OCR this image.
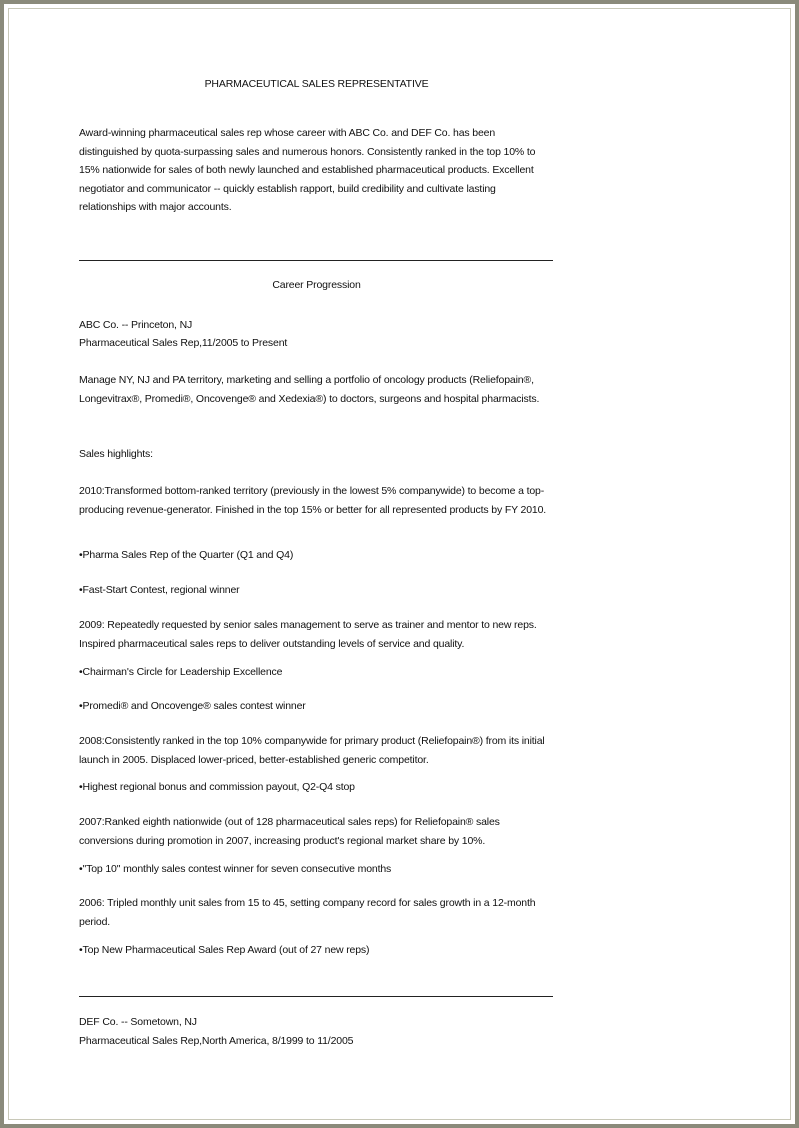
PHARMACEUTICAL SALES REPRESENTATIVE
Award-winning pharmaceutical sales rep whose career with ABC Co. and DEF Co. has been distinguished by quota-surpassing sales and numerous honors. Consistently ranked in the top 10% to 15% nationwide for sales of both newly launched and established pharmaceutical products. Excellent negotiator and communicator -- quickly establish rapport, build credibility and cultivate lasting relationships with major accounts.
Career Progression
ABC Co. -- Princeton, NJ
Pharmaceutical Sales Rep,11/2005 to Present
Manage NY, NJ and PA territory, marketing and selling a portfolio of oncology products (Reliefopain®, Longevitrax®, Promedi®, Oncovenge® and Xedexia®) to doctors, surgeons and hospital pharmacists.
Sales highlights:
2010:Transformed bottom-ranked territory (previously in the lowest 5% companywide) to become a top-producing revenue-generator. Finished in the top 15% or better for all represented products by FY 2010.
•Pharma Sales Rep of the Quarter (Q1 and Q4)
•Fast-Start Contest, regional winner
2009: Repeatedly requested by senior sales management to serve as trainer and mentor to new reps. Inspired pharmaceutical sales reps to deliver outstanding levels of service and quality.
•Chairman's Circle for Leadership Excellence
•Promedi® and Oncovenge® sales contest winner
2008:Consistently ranked in the top 10% companywide for primary product (Reliefopain®) from its initial launch in 2005. Displaced lower-priced, better-established generic competitor.
•Highest regional bonus and commission payout, Q2-Q4 stop
2007:Ranked eighth nationwide (out of 128 pharmaceutical sales reps) for Reliefopain® sales conversions during promotion in 2007, increasing product's regional market share by 10%.
•"Top 10" monthly sales contest winner for seven consecutive months
2006: Tripled monthly unit sales from 15 to 45, setting company record for sales growth in a 12-month period.
•Top New Pharmaceutical Sales Rep Award (out of 27 new reps)
DEF Co. -- Sometown, NJ
Pharmaceutical Sales Rep,North America, 8/1999 to 11/2005
